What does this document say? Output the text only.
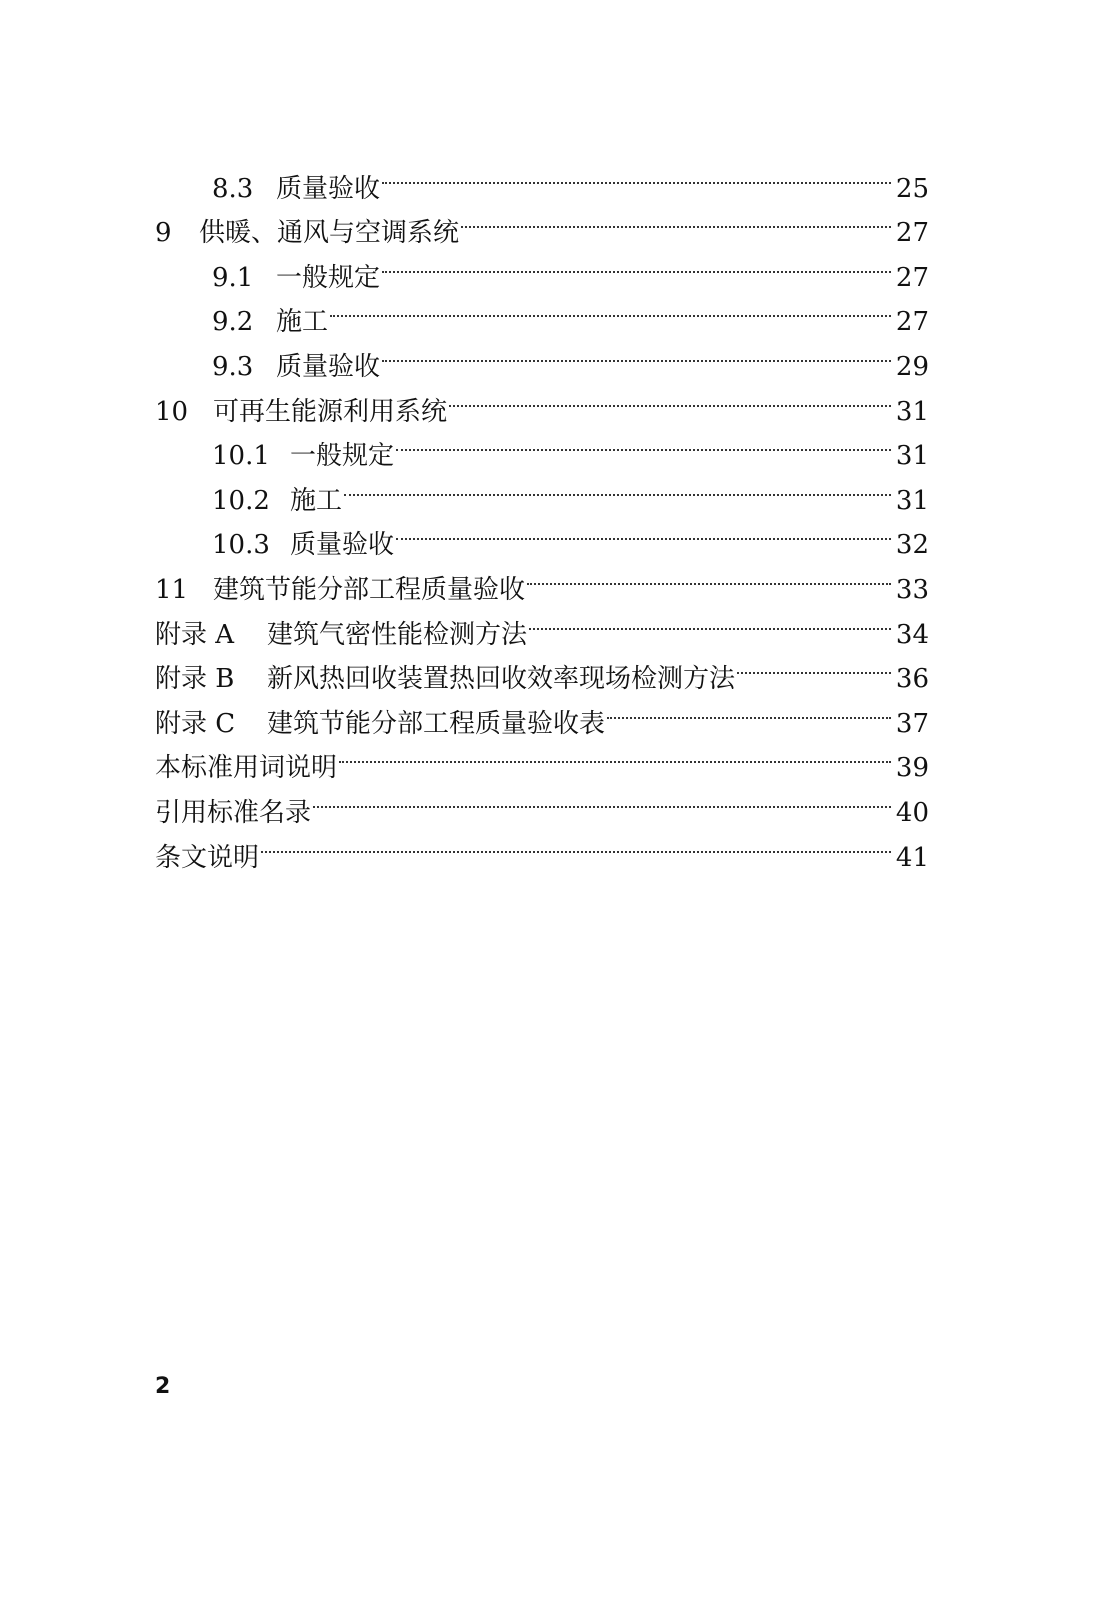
8.3 质量验收	25
9	供暖、通风与空调系统	27
9.1 一般规定	27
9.2 施工	27
9.3 质量验收	29
10 可再生能源利用系统	31
10.1 一般规定	31
10.2 施工	31
10.3 质量验收	32
11 建筑节能分部工程质量验收	33
附录 A	建筑气密性能检测方法	34
附录 B	新风热回收装置热回收效率现场检测方法	36
附录 C	建筑节能分部工程质量验收表	37
本标准用词说明	39
引用标准名录	40
条文说明	41
2
